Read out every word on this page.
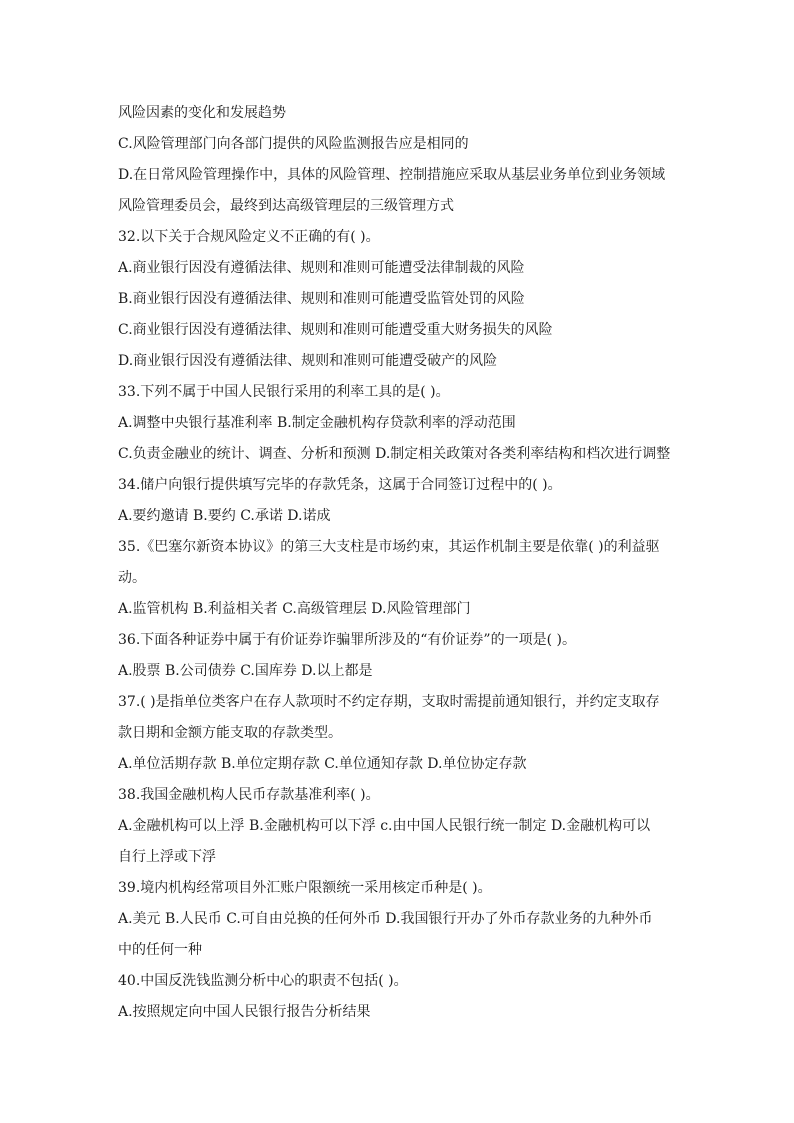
风险因素的变化和发展趋势
C.风险管理部门向各部门提供的风险监测报告应是相同的
D.在日常风险管理操作中，具体的风险管理、控制措施应采取从基层业务单位到业务领域
风险管理委员会，最终到达高级管理层的三级管理方式
32.以下关于合规风险定义不正确的有( )。
A.商业银行因没有遵循法律、规则和准则可能遭受法律制裁的风险
B.商业银行因没有遵循法律、规则和准则可能遭受监管处罚的风险
C.商业银行因没有遵循法律、规则和准则可能遭受重大财务损失的风险
D.商业银行因没有遵循法律、规则和准则可能遭受破产的风险
33.下列不属于中国人民银行采用的利率工具的是( )。
A.调整中央银行基准利率 B.制定金融机构存贷款利率的浮动范围
C.负责金融业的统计、调查、分析和预测 D.制定相关政策对各类利率结构和档次进行调整
34.储户向银行提供填写完毕的存款凭条，这属于合同签订过程中的( )。
A.要约邀请 B.要约 C.承诺 D.诺成
35.《巴塞尔新资本协议》的第三大支柱是市场约束，其运作机制主要是依靠( )的利益驱
动。
A.监管机构 B.利益相关者 C.高级管理层 D.风险管理部门
36.下面各种证券中属于有价证券诈骗罪所涉及的“有价证券”的一项是( )。
A.股票 B.公司债券 C.国库券 D.以上都是
37.( )是指单位类客户在存人款项时不约定存期，支取时需提前通知银行，并约定支取存
款日期和金额方能支取的存款类型。
A.单位活期存款 B.单位定期存款 C.单位通知存款 D.单位协定存款
38.我国金融机构人民币存款基准利率( )。
A.金融机构可以上浮 B.金融机构可以下浮 c.由中国人民银行统一制定 D.金融机构可以
自行上浮或下浮
39.境内机构经常项目外汇账户限额统一采用核定币种是( )。
A.美元 B.人民币 C.可自由兑换的任何外币 D.我国银行开办了外币存款业务的九种外币
中的任何一种
40.中国反洗钱监测分析中心的职责不包括( )。
A.按照规定向中国人民银行报告分析结果
